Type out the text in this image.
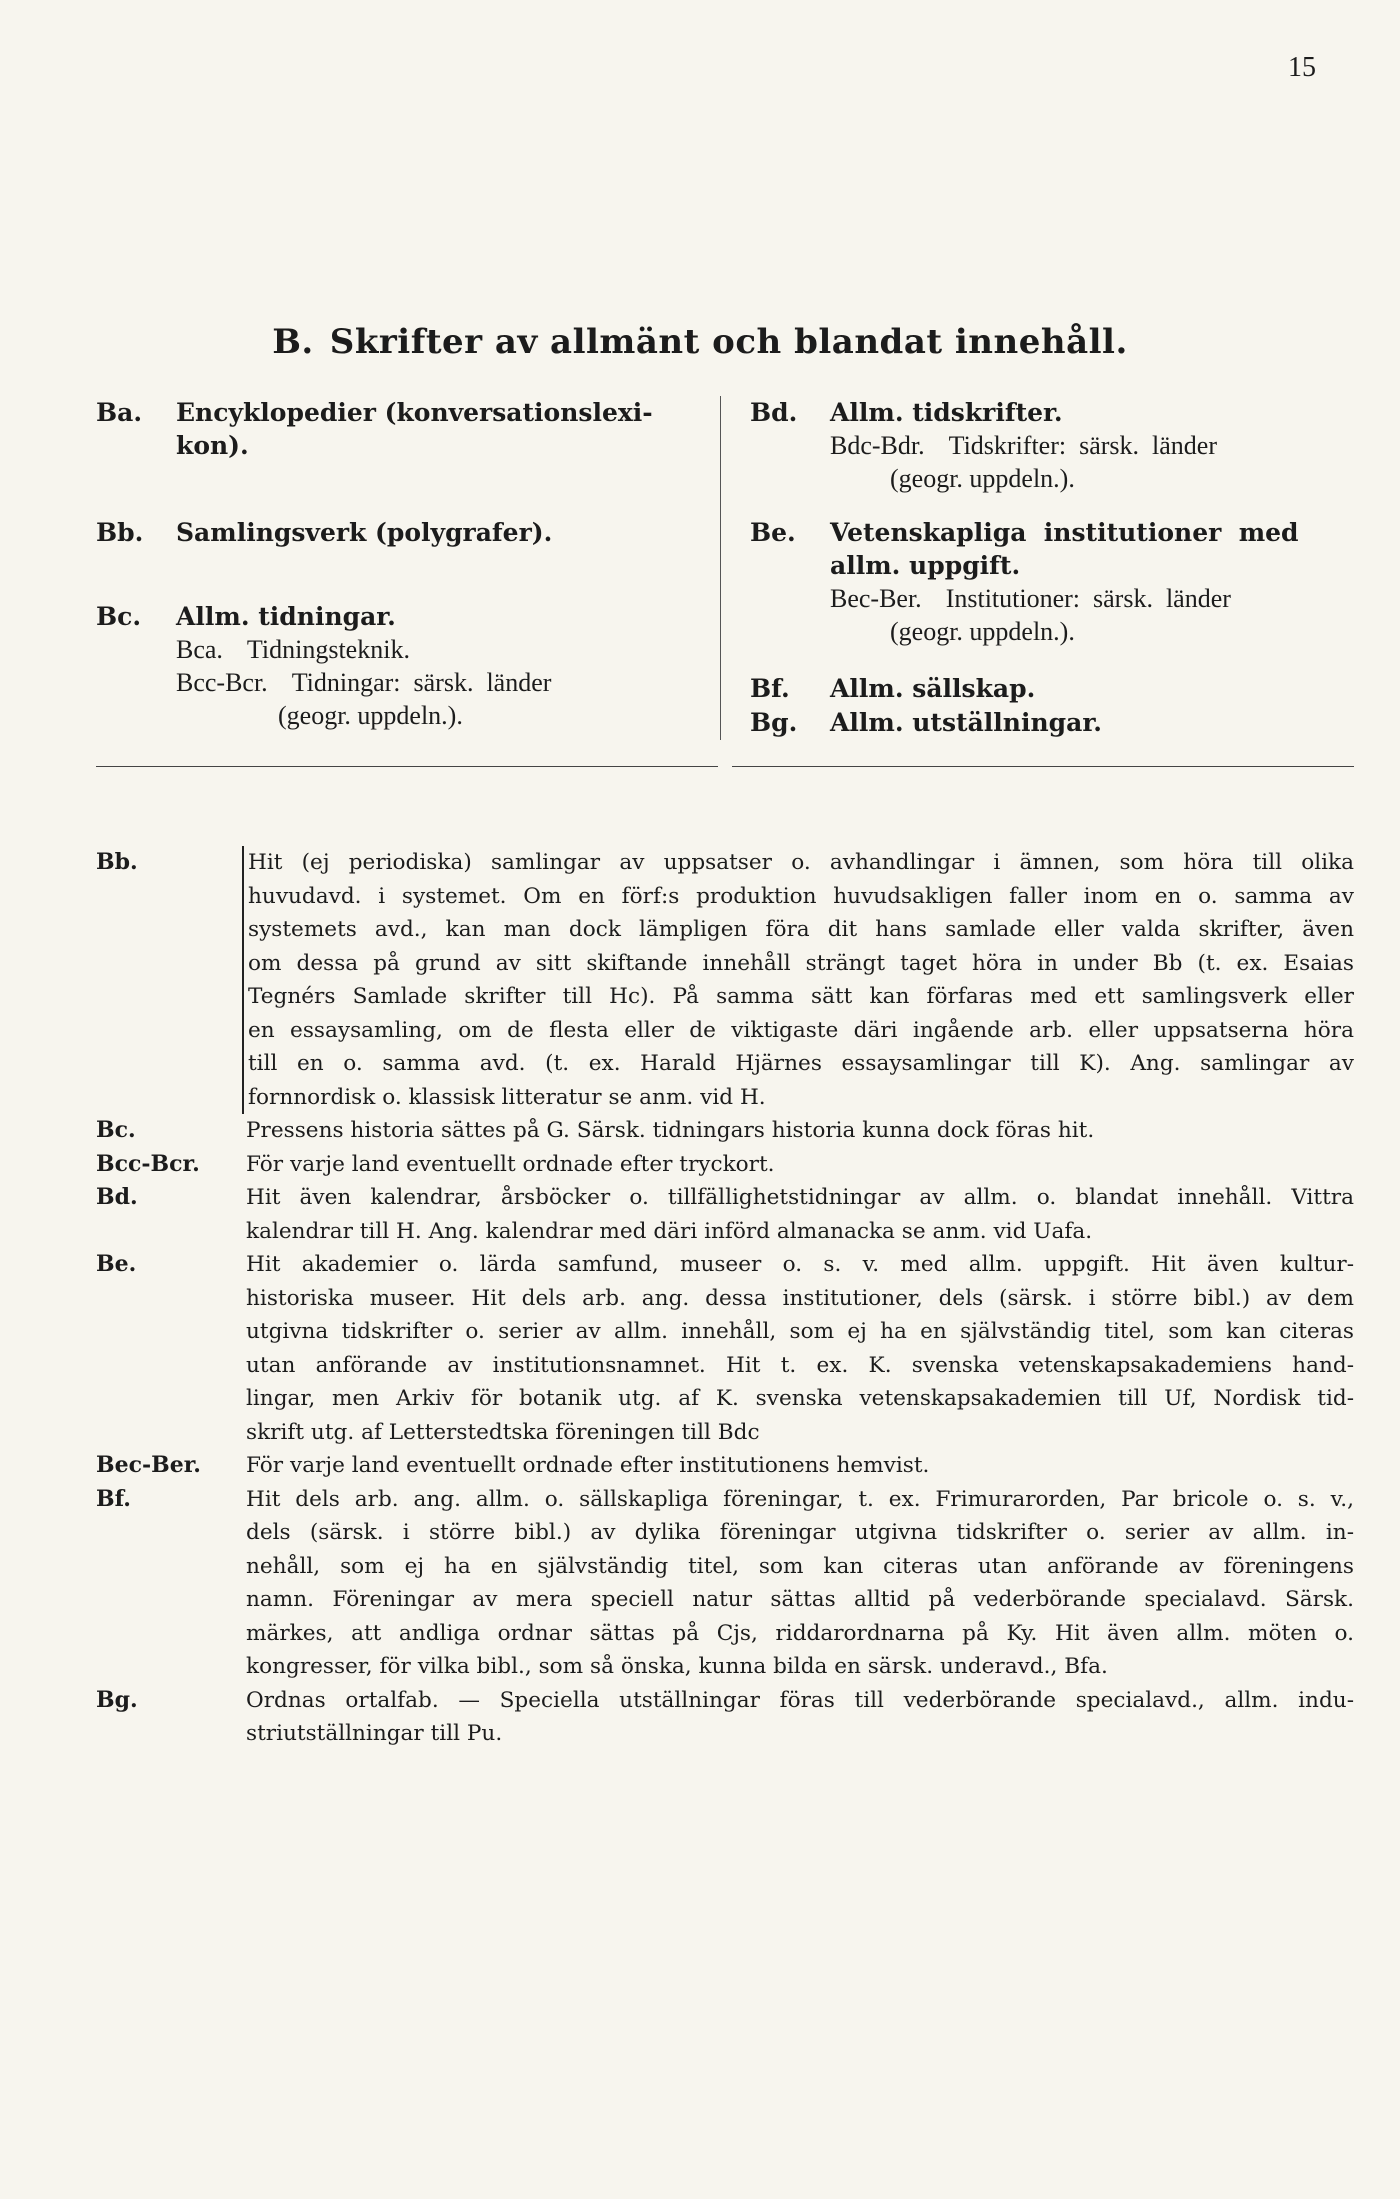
15
B. Skrifter av allmänt och blandat innehåll.
Ba. Encyklopedier (konversationslexi-
kon).
Bb. Samlingsverk (polygrafer).
Bc. Allm. tidningar.
Bca. Tidningsteknik.
Bcc-Bcr. Tidningar:  särsk.  länder
(geogr. uppdeln.).
Bd. Allm. tidskrifter.
Bdc-Bdr. Tidskrifter:  särsk.  länder
(geogr. uppdeln.).
Be. Vetenskapliga  institutioner  med
allm. uppgift.
Bec-Ber. Institutioner:  särsk.  länder
(geogr. uppdeln.).
Bf. Allm. sällskap.
Bg. Allm. utställningar.
Bb.	Hit (ej periodiska) samlingar av uppsatser o. avhandlingar i ämnen, som höra till olika
huvudavd. i systemet. Om en förf:s produktion huvudsakligen faller inom en o. samma av
systemets avd., kan man dock lämpligen föra dit hans samlade eller valda skrifter, även
om dessa på grund av sitt skiftande innehåll strängt taget höra in under Bb (t. ex. Esaias
Tegnérs Samlade skrifter till Hc). På samma sätt kan förfaras med ett samlingsverk eller
en essaysamling, om de flesta eller de viktigaste däri ingående arb. eller uppsatserna höra
till en o. samma avd. (t. ex. Harald Hjärnes essaysamlingar till K). Ang. samlingar av
fornnordisk o. klassisk litteratur se anm. vid H.
Bc.	Pressens historia sättes på G. Särsk. tidningars historia kunna dock föras hit.
Bcc-Bcr. För varje land eventuellt ordnade efter tryckort.
Bd.	Hit även kalendrar, årsböcker o. tillfällighetstidningar av allm. o. blandat innehåll. Vittra
kalendrar till H. Ang. kalendrar med däri införd almanacka se anm. vid Uafa.
Be.	Hit akademier o. lärda samfund, museer o. s. v. med allm. uppgift. Hit även kultur-
historiska museer. Hit dels arb. ang. dessa institutioner, dels (särsk. i större bibl.) av dem
utgivna tidskrifter o. serier av allm. innehåll, som ej ha en självständig titel, som kan citeras
utan anförande av institutionsnamnet. Hit t. ex. K. svenska vetenskapsakademiens hand-
lingar, men Arkiv för botanik utg. af K. svenska vetenskapsakademien till Uf, Nordisk tid-
skrift utg. af Letterstedtska föreningen till Bdc
Bec-Ber. För varje land eventuellt ordnade efter institutionens hemvist.
Bf.	Hit dels arb. ang. allm. o. sällskapliga föreningar, t. ex. Frimurarorden, Par bricole o. s. v.,
dels (särsk. i större bibl.) av dylika föreningar utgivna tidskrifter o. serier av allm. in-
nehåll, som ej ha en självständig titel, som kan citeras utan anförande av föreningens
namn. Föreningar av mera speciell natur sättas alltid på vederbörande specialavd. Särsk.
märkes, att andliga ordnar sättas på Cjs, riddarordnarna på Ky. Hit även allm. möten o.
kongresser, för vilka bibl., som så önska, kunna bilda en särsk. underavd., Bfa.
Bg.	Ordnas ortalfab. — Speciella utställningar föras till vederbörande specialavd., allm. indu-
striutställningar till Pu.
